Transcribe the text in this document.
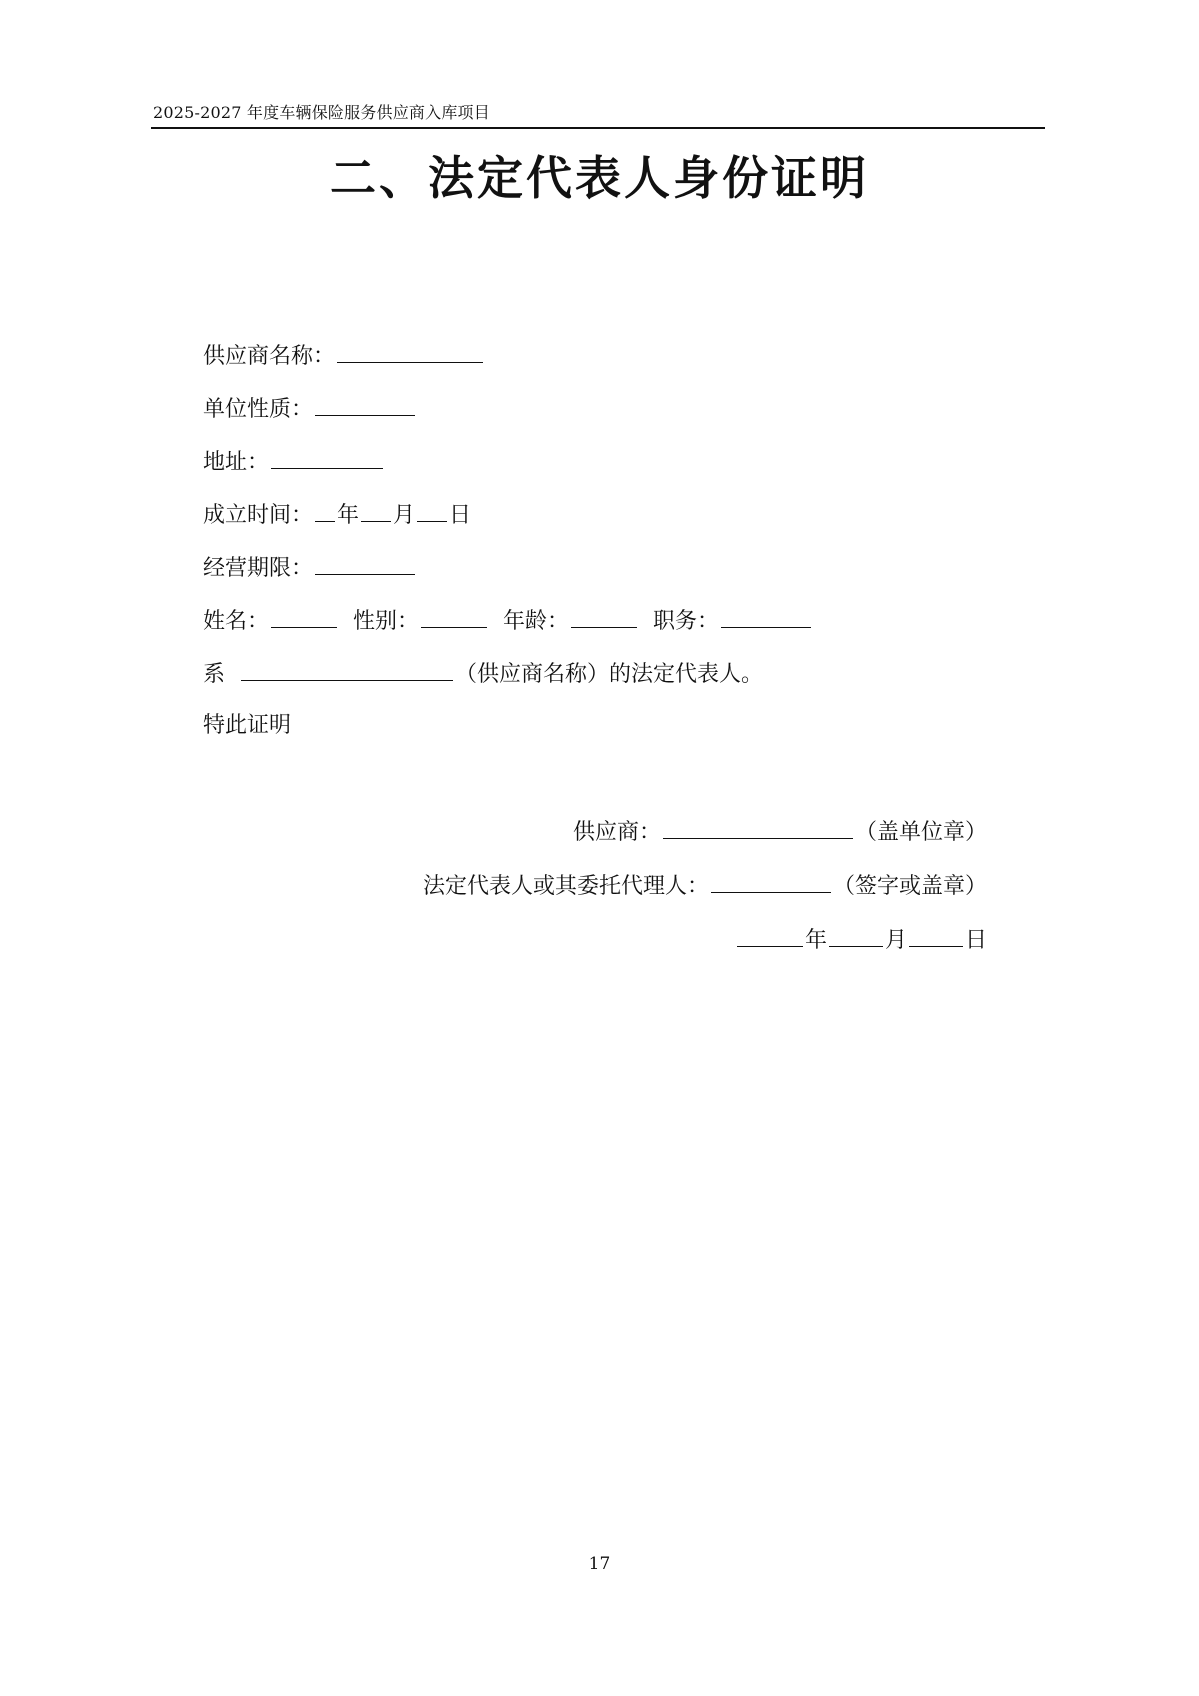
2025-2027 年度车辆保险服务供应商入库项目
二、法定代表人身份证明
供应商名称：
单位性质：
地址：
成立时间： 年 月 日
经营期限：
姓名：	性别：	年龄：	职务：
系	（供应商名称）的法定代表人。
特此证明
供应商：	（盖单位章）
法定代表人或其委托代理人：	（签字或盖章）
年	月	日
17
